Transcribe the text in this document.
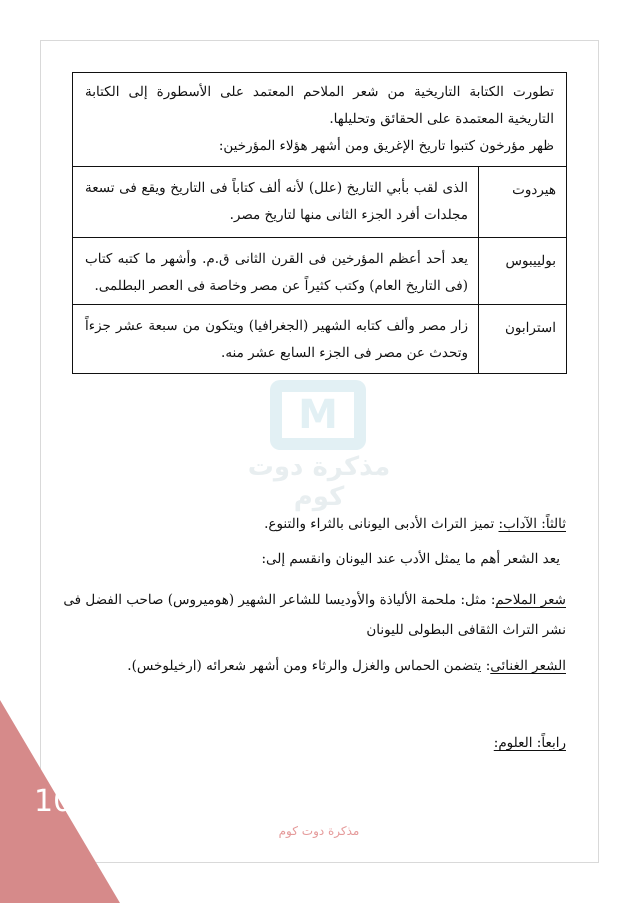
M
مذكرة دوت كوم
تطورت الكتابة التاريخية من شعر الملاحم المعتمد على الأسطورة إلى الكتابة التاريخية المعتمدة على الحقائق وتحليلها.
ظهر مؤرخون كتبوا تاريخ الإغريق ومن أشهر هؤلاء المؤرخين:
هيردوت
الذى لقب بأبي التاريخ (علل) لأنه ألف كتاباً فى التاريخ ويقع فى تسعة مجلدات أفرد الجزء الثانى منها لتاريخ مصر.
بولييبوس
يعد أحد أعظم المؤرخين فى القرن الثانى ق.م. وأشهر ما كتبه كتاب (فى التاريخ العام) وكتب كثيراً عن مصر وخاصة فى العصر البطلمى.
استرابون
زار مصر وألف كتابه الشهير (الجغرافيا) ويتكون من سبعة عشر جزءاً وتحدث عن مصر فى الجزء السابع عشر منه.
ثالثاً: الآداب: تميز التراث الأدبى اليونانى بالثراء والتنوع.
يعد الشعر أهم ما يمثل الأدب عند اليونان وانقسم إلى:
شعر الملاحم: مثل: ملحمة الألياذة والأوديسا للشاعر الشهير (هوميروس) صاحب الفضل فى
نشر التراث الثقافى البطولى لليونان
الشعر الغنائى: يتضمن الحماس والغزل والرثاء ومن أشهر شعرائه (ارخيلوخس).
رابعاً: العلوم:
101
مذكرة دوت كوم
